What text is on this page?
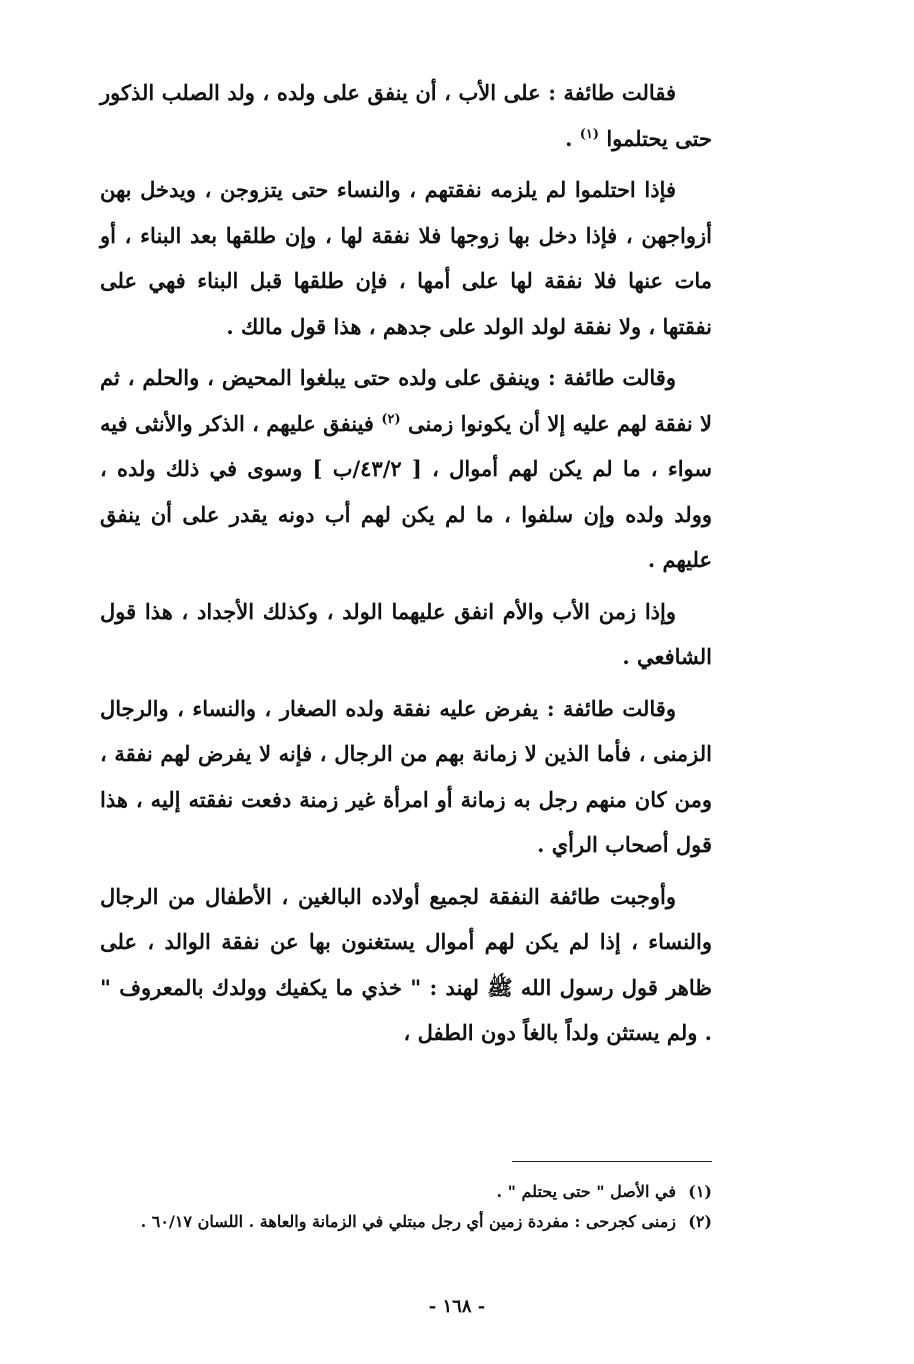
فقالت طائفة : على الأب ، أن ينفق على ولده ، ولد الصلب الذكور حتى يحتلموا $^{(١)}$ .

فإذا احتلموا لم يلزمه نفقتهم ، والنساء حتى يتزوجن ، ويدخل بهن أزواجهن ، فإذا دخل بها زوجها فلا نفقة لها ، وإن طلقها بعد البناء ، أو مات عنها فلا نفقة لها على أمها ، فإن طلقها قبل البناء فهي على نفقتها ، ولا نفقة لولد الولد على جدهم ، هذا قول مالك .

وقالت طائفة : وينفق على ولده حتى يبلغوا المحيض ، والحلم ، ثم لا نفقة لهم عليه إلا أن يكونوا زمنى $^{(٢)}$ فينفق عليهم ، الذكر والأنثى فيه سواء ، ما لم يكن لهم أموال ، [ ٤٣/٢/ب ] وسوى في ذلك ولده ، وولد ولده وإن سلفوا ، ما لم يكن لهم أب دونه يقدر على أن ينفق عليهم .

وإذا زمن الأب والأم انفق عليهما الولد ، وكذلك الأجداد ، هذا قول الشافعي .

وقالت طائفة : يفرض عليه نفقة ولده الصغار ، والنساء ، والرجال الزمنى ، فأما الذين لا زمانة بهم من الرجال ، فإنه لا يفرض لهم نفقة ، ومن كان منهم رجل به زمانة أو امرأة غير زمنة دفعت نفقته إليه ، هذا قول أصحاب الرأي .

وأوجبت طائفة النفقة لجميع أولاده البالغين ، الأطفال من الرجال والنساء ، إذا لم يكن لهم أموال يستغنون بها عن نفقة الوالد ، على ظاهر قول رسول الله ﷺ لهند : " خذي ما يكفيك وولدك بالمعروف " . ولم يستثن ولداً بالغاً دون الطفل ،

(١)في الأصل " حتى يحتلم " .

(٢)زمنى كجرحى : مفردة زمين أي رجل مبتلي في الزمانة والعاهة . اللسان ٦٠/١٧ .

- ١٦٨ -
